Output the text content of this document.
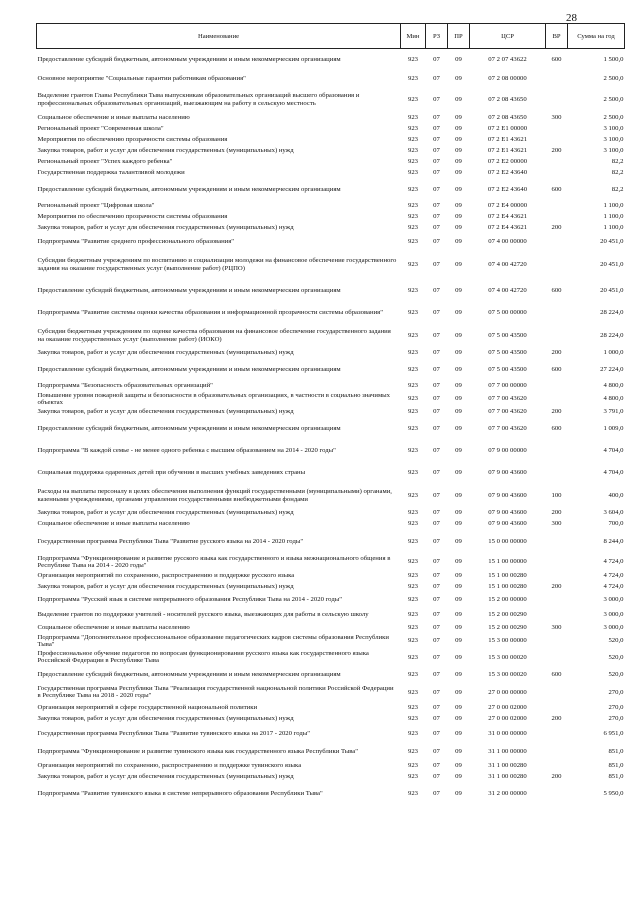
28
Наименование	Мин	РЗ	ПР	ЦСР	ВР	Сумма на год
Предоставление субсидий бюджетным, автономным учреждениям и иным некоммерческим организациям	923	07	09	07 2 07 43622	600	1 500,0
Основное мероприятие "Социальные гарантии работникам образования"	923	07	09	07 2 08 00000		2 500,0
Выделение грантов Главы Республики Тыва выпускникам образовательных организаций высшего образования и профессиональных образовательных организаций, выезжающим на работу в сельскую местность	923	07	09	07 2 08 43650		2 500,0
Социальное обеспечение и иные выплаты населению	923	07	09	07 2 08 43650	300	2 500,0
Региональный проект "Современная школа"	923	07	09	07 2 Е1 00000		3 100,0
Мероприятия по обеспечению прозрачности системы образования	923	07	09	07 2 Е1 43621		3 100,0
Закупка товаров, работ и услуг для обеспечения государственных (муниципальных) нужд	923	07	09	07 2 Е1 43621	200	3 100,0
Региональный проект "Успех каждого ребенка"	923	07	09	07 2 Е2 00000		82,2
Государственная поддержка талантливой молодежи	923	07	09	07 2 Е2 43640		82,2
Предоставление субсидий бюджетным, автономным учреждениям и иным некоммерческим организациям	923	07	09	07 2 Е2 43640	600	82,2
Региональный проект "Цифровая школа"	923	07	09	07 2 Е4 00000		1 100,0
Мероприятия по обеспечению прозрачности системы образования	923	07	09	07 2 Е4 43621		1 100,0
Закупка товаров, работ и услуг для обеспечения государственных (муниципальных) нужд	923	07	09	07 2 Е4 43621	200	1 100,0
Подпрограмма "Развитие среднего профессионального образования"	923	07	09	07 4 00 00000		20 451,0
Субсидии бюджетным учреждениям по воспитанию и социализации молодежи на финансовое обеспечение государственного задания на оказание государственных услуг (выполнение работ) (РЦПО)	923	07	09	07 4 00 42720		20 451,0
Предоставление субсидий бюджетным, автономным учреждениям и иным некоммерческим организациям	923	07	09	07 4 00 42720	600	20 451,0
Подпрограмма "Развитие системы оценки качества образования и информационной прозрачности системы образования"	923	07	09	07 5 00 00000		28 224,0
Субсидии бюджетным учреждениям по оценке качества образования на финансовое обеспечение государственного задания на оказание государственных услуг (выполнение работ) (ИОКО)	923	07	09	07 5 00 43500		28 224,0
Закупка товаров, работ и услуг для обеспечения государственных (муниципальных) нужд	923	07	09	07 5 00 43500	200	1 000,0
Предоставление субсидий бюджетным, автономным учреждениям и иным некоммерческим организациям	923	07	09	07 5 00 43500	600	27 224,0
Подпрограмма "Безопасность образовательных организаций"	923	07	09	07 7 00 00000		4 800,0
Повышение уровня пожарной защиты и безопасности в образовательных организациях, в частности в социально значимых объектах	923	07	09	07 7 00 43620		4 800,0
Закупка товаров, работ и услуг для обеспечения государственных (муниципальных) нужд	923	07	09	07 7 00 43620	200	3 791,0
Предоставление субсидий бюджетным, автономным учреждениям и иным некоммерческим организациям	923	07	09	07 7 00 43620	600	1 009,0
Подпрограмма "В каждой семье - не менее одного ребенка с высшим образованием на 2014 - 2020 годы"	923	07	09	07 9 00 00000		4 704,0
Социальная поддержка одаренных детей при обучении в высших учебных заведениях страны	923	07	09	07 9 00 43600		4 704,0
Расходы на выплаты персоналу в целях обеспечения выполнения функций государственными (муниципальными) органами, казенными учреждениями, органами управления государственными внебюджетными фондами	923	07	09	07 9 00 43600	100	400,0
Закупка товаров, работ и услуг для обеспечения государственных (муниципальных) нужд	923	07	09	07 9 00 43600	200	3 604,0
Социальное обеспечение и иные выплаты населению	923	07	09	07 9 00 43600	300	700,0
Государственная программа Республики Тыва "Развитие русского языка на 2014 - 2020 годы"	923	07	09	15 0 00 00000		8 244,0
Подпрограмма "Функционирование и развитие русского языка как государственного и языка межнационального общения в Республике Тыва на 2014 - 2020 годы"	923	07	09	15 1 00 00000		4 724,0
Организация мероприятий по сохранению, распространению и поддержке русского языка	923	07	09	15 1 00 00280		4 724,0
Закупка товаров, работ и услуг для обеспечения государственных (муниципальных) нужд	923	07	09	15 1 00 00280	200	4 724,0
Подпрограмма "Русский язык в системе непрерывного образования Республики Тыва на 2014 - 2020 годы"	923	07	09	15 2 00 00000		3 000,0
Выделение грантов по поддержке учителей - носителей русского языка, выезжающих для работы в сельскую школу	923	07	09	15 2 00 00290		3 000,0
Социальное обеспечение и иные выплаты населению	923	07	09	15 2 00 00290	300	3 000,0
Подпрограмма "Дополнительное профессиональное образование педагогических кадров системы образования Республики Тыва"	923	07	09	15 3 00 00000		520,0
Профессиональное обучение педагогов по вопросам функционирования русского языка как государственного языка Российской Федерации в Республике Тыва	923	07	09	15 3 00 00020		520,0
Предоставление субсидий бюджетным, автономным учреждениям и иным некоммерческим организациям	923	07	09	15 3 00 00020	600	520,0
Государственная программа Республики Тыва "Реализация государственной национальной политики Российской Федерации в Республике Тыва на 2018 - 2020 годы"	923	07	09	27 0 00 00000		270,0
Организация мероприятий в сфере государственной национальной политики	923	07	09	27 0 00 02000		270,0
Закупка товаров, работ и услуг для обеспечения государственных (муниципальных) нужд	923	07	09	27 0 00 02000	200	270,0
Государственная программа Республики Тыва "Развитие тувинского языка на 2017 - 2020 годы"	923	07	09	31 0 00 00000		6 951,0
Подпрограмма "Функционирование и развитие тувинского языка как государственного языка Республики Тыва"	923	07	09	31 1 00 00000		851,0
Организация мероприятий по сохранению, распространению и поддержке тувинского языка	923	07	09	31 1 00 00280		851,0
Закупка товаров, работ и услуг для обеспечения государственных (муниципальных) нужд	923	07	09	31 1 00 00280	200	851,0
Подпрограмма "Развитие тувинского языка в системе непрерывного образования Республики Тыва"	923	07	09	31 2 00 00000		5 950,0
